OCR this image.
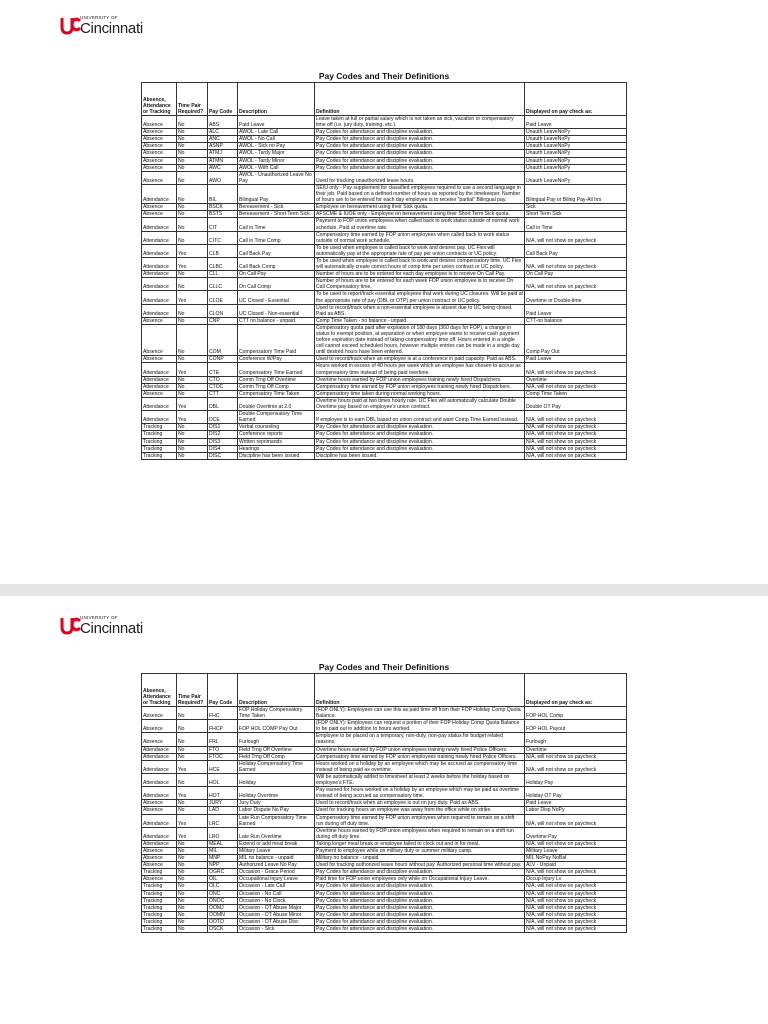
UNIVERSITY OF
Cincinnati
Pay Codes and Their Definitions
Absence, Attendance or Tracking	Time Pair Required?	Pay Code	Description	Definition	Displayed on pay check as:
Absence	No	ABS	Paid Leave	Leave taken at full or partial salary which is not taken as sick, vacation or compensatory time off (i.e. jury duty, training, etc.).	Paid Leave
Absence	No	ALC	AWOL - Late Call	Pay Codes for attendance and discipline evaluation.	Unauth LeaveNoPy
Absence	No	ANC	AWOL - No Call	Pay Codes for attendance and discipline evaluation.	Unauth LeaveNoPy
Absence	No	ASNP	AWOL - Sick no Pay	Pay Codes for attendance and discipline evaluation.	Unauth LeaveNoPy
Absence	No	ATMJ	AWOL - Tardy Major	Pay Codes for attendance and discipline evaluation.	Unauth LeaveNoPy
Absence	No	ATMN	AWOL - Tardy Minor	Pay Codes for attendance and discipline evaluation.	Unauth LeaveNoPy
Absence	No	AWC	AWOL - With Call	Pay Codes for attendance and discipline evaluation.	Unauth LeaveNoPy
Absence	No	AWO	AWOL - Unauthorized Leave No Pay	Used for tracking unauthorized leave hours.	Unauth LeaveNoPy
Attendance	No	BIL	Bilingual Pay	SEIU only - Pay supplement for classified employees required to use a second language in their job. Paid based on a defined number of hours as reported by the timekeeper. Number of hours are to be entered for each day employee is to receive "partial" Bilingual pay.	Bilingual Pay or Biling Pay-All hrs
Absence	No	BSCK	Bereavement - Sick	Employee on bereavement using their Sick quota.	Sick
Absence	No	BSTS	Bereavement - Short Term Sick	AFSCME & IUOE only - Employee on bereavement using their Short Term Sick quota.	Short Term Sick
Attendance	No	CIT	Call in Time	Payment to FOP union employees when called back to work status outside of normal work schedule. Paid at overtime rate.	Call in Time
Attendance	No	CITC	Call in Time Comp	Compensatory time earned by FOP union employees when called back to work status outside of normal work schedule.	N/A, will not show on paycheck
Attendance	Yes	CLB	Call Back Pay	To be used when employee is called back to work and desires pay. UC Flex will automatically pay at the appropriate rate of pay per union contracts or UC policy.	Call Back Pay
Attendance	Yes	CLBC	Call Back Comp	To be used when employee is called back to work and desires compensatory time. UC Flex will automatically create correct hours of comp time per union contract or UC policy.	N/A, will not show on paycheck
Attendance	No	CLL	On Call Pay	Number of hours are to be entered for each day employee is to receive On Call Pay.	On Call Pay
Attendance	No	CLLC	On Call Comp	Number of hours are to be entered for each week FOP union employee is to receive On Call Compensatory time.	N/A, will not show on paycheck
Attendance	Yes	CLOE	UC Closed - Essential	To be used to report/track essential employees that work during UC closures. Will be paid at the appropriate rate of pay (DBL or OTP) per union contract or UC policy.	Overtime or Double-time
Attendance	No	CLON	UC Closed - Non-essential	Used to record/track when a non-essential employee is absent due to UC being closed. Paid as ABS.	Paid Leave
Absence	No	CNP	CTT no balance - unpaid	Comp Time Taken - no balance - unpaid.	CTT-no balance
Absence	No	COM	Compensatory Time Paid	Compensatory quota paid after expiration of 180 days (360 days for FOP), a change in status to exempt position, at separation or when employee wants to receive cash payment before expiration date instead of taking compensatory time off. Hours entered in a single cell cannot exceed scheduled hours, however multiple entries can be made in a single day until desired hours have been entered.	Comp Pay Out
Absence	No	CONP	Conference W/Pay	Used to record/track when an employee is at a conference in paid capacity. Paid as ABS.	Paid Leave
Attendance	Yes	CTE	Compensatory Time Earned	Hours worked in excess of 40 hours per week which an employee has chosen to accrue as compensatory time instead of being paid overtime.	N/A, will not show on paycheck
Attendance	No	CTO	Comm Trng Off Overtime	Overtime hours earned by FOP union employees training newly hired Dispatchers.	Overtime
Attendance	No	CTOC	Comm Trng Off Comp	Compensatory time earned by FOP union employees training newly hired Dispatchers.	N/A, will not show on paycheck
Absence	No	CTT	Compensatory Time Taken	Compensatory time taken during normal working hours.	Comp Time Taken
Attendance	Yes	DBL	Double Overtime at 2.0	Overtime hours paid at two times hourly rate. UC Flex will automatically calculate Double Overtime pay based on employee's union contract.	Double OT Pay
Attendance	Yes	DCE	Double Compensatory Time Earned	If employee is to earn DBL based on union contract and want Comp Time Earned instead.	N/A, will not show on paycheck
Tracking	No	DIS1	Verbal counseling	Pay Codes for attendance and discipline evaluation.	N/A, will not show on paycheck
Tracking	No	DIS2	Conference reports	Pay Codes for attendance and discipline evaluation.	N/A, will not show on paycheck
Tracking	No	DIS3	Written reprimands	Pay Codes for attendance and discipline evaluation.	N/A, will not show on paycheck
Tracking	No	DIS4	Hearings	Pay Codes for attendance and discipline evaluation.	N/A, will not show on paycheck
Tracking	No	DISC	Discipline has been issued	Discipline has been issued.	N/A, will not show on paycheck
UNIVERSITY OF
Cincinnati
Pay Codes and Their Definitions
Absence, Attendance or Tracking	Time Pair Required?	Pay Code	Description	Definition	Displayed on pay check as:
Absence	No	FHC	FOP Holiday Compensatory Time Taken	(FOP ONLY): Employees can use this as paid time off from their FOP Holiday Comp Quota Balance.	FOP HOL Comp
Absence	No	FHCP	FOP HOL COMP Pay Out	(FOP ONLY): Employees can request a portion of their FOP Holiday Comp Quota Balance to be paid out in addition to hours worked.	FOP HOL Payout
Absence	No	FRL	Furlough	Employee to be placed on a temporary, non-duty, non-pay status for budget related reasons.	Furlough
Attendance	No	FTO	Field Trng Off Overtime	Overtime hours earned by FOP union employees training newly hired Police Officers.	Overtime
Attendance	No	FTOC	Field Trng Off Comp	Compensatory time earned by FOP union employees training newly hired Police Officers.	N/A, will not show on paycheck
Attendance	Yes	HCE	Holiday Compensatory Time Earned	Hours worked on a holiday by an employee which may be accrued as compensatory time instead of being paid as overtime.	N/A, will not show on paycheck
Attendance	No	HOL	Holiday	Will be automatically added to timesheet at least 2 weeks before the holiday based on employee's FTE.	Holiday Pay
Attendance	Yes	HOT	Holiday Overtime	Pay earned for hours worked on a holiday by an employee which may be paid as overtime instead of being accrued as compensatory time.	Holiday OT Pay
Absence	No	JURY	Jury Duty	Used to record/track when an employee is out on jury duty. Paid as ABS.	Paid Leave
Absence	No	LAD	Labor Dispute No Pay	Used for tracking hours an employee was away from the office while on strike.	Labor Disp NoPy
Attendance	Yes	LRC	Late Run Compensatory Time Earned	Compensatory time earned by FOP union employees when required to remain on a shift run during off duty time.	N/A, will not show on paycheck
Attendance	Yes	LRO	Late Run Overtime	Overtime hours earned by FOP union employees when required to remain on a shift run during off duty time.	Overtime Pay
Attendance	No	MEAL	Extend or add meal break	Taking longer meal break or employee failed to clock out and in for meal.	N/A, will not show on paycheck
Absence	No	MIL	Military Leave	Payment to employee while on military duty or summer military camp.	Military Leave
Absence	No	MNP	MIL no balance - unpaid	Military no balance - unpaid.	MIL NoPay NoBal
Absence	No	NPP	Authorized Leave No Pay	Used for tracking authorized leave hours without pay. Authorized personal time without pay.	ALV - Unpaid
Tracking	No	OGRC	Occasion - Grace Period	Pay Codes for attendance and discipline evaluation.	N/A, will not show on paycheck
Absence	No	OIL	Occupational Injury Leave	Paid time for FOP union employees only while on Occupational Injury Leave.	Occup Injury Lv
Tracking	No	OLC	Occasion - Late Call	Pay Codes for attendance and discipline evaluation.	N/A, will not show on paycheck
Tracking	No	ONC	Occasion - No Call	Pay Codes for attendance and discipline evaluation.	N/A, will not show on paycheck
Tracking	No	ONOC	Occasion - No Clock	Pay Codes for attendance and discipline evaluation.	N/A, will not show on paycheck
Tracking	No	OOMJ	Occasion - OT Abuse Major	Pay Codes for attendance and discipline evaluation.	N/A, will not show on paycheck
Tracking	No	OOMN	Occasion - OT Abuse Minor	Pay Codes for attendance and discipline evaluation.	N/A, will not show on paycheck
Tracking	No	OOTO	Occasion - OT Abuse Disc	Pay Codes for attendance and discipline evaluation.	N/A, will not show on paycheck
Tracking	No	OSCK	Occasion - Sick	Pay Codes for attendance and discipline evaluation.	N/A, will not show on paycheck
